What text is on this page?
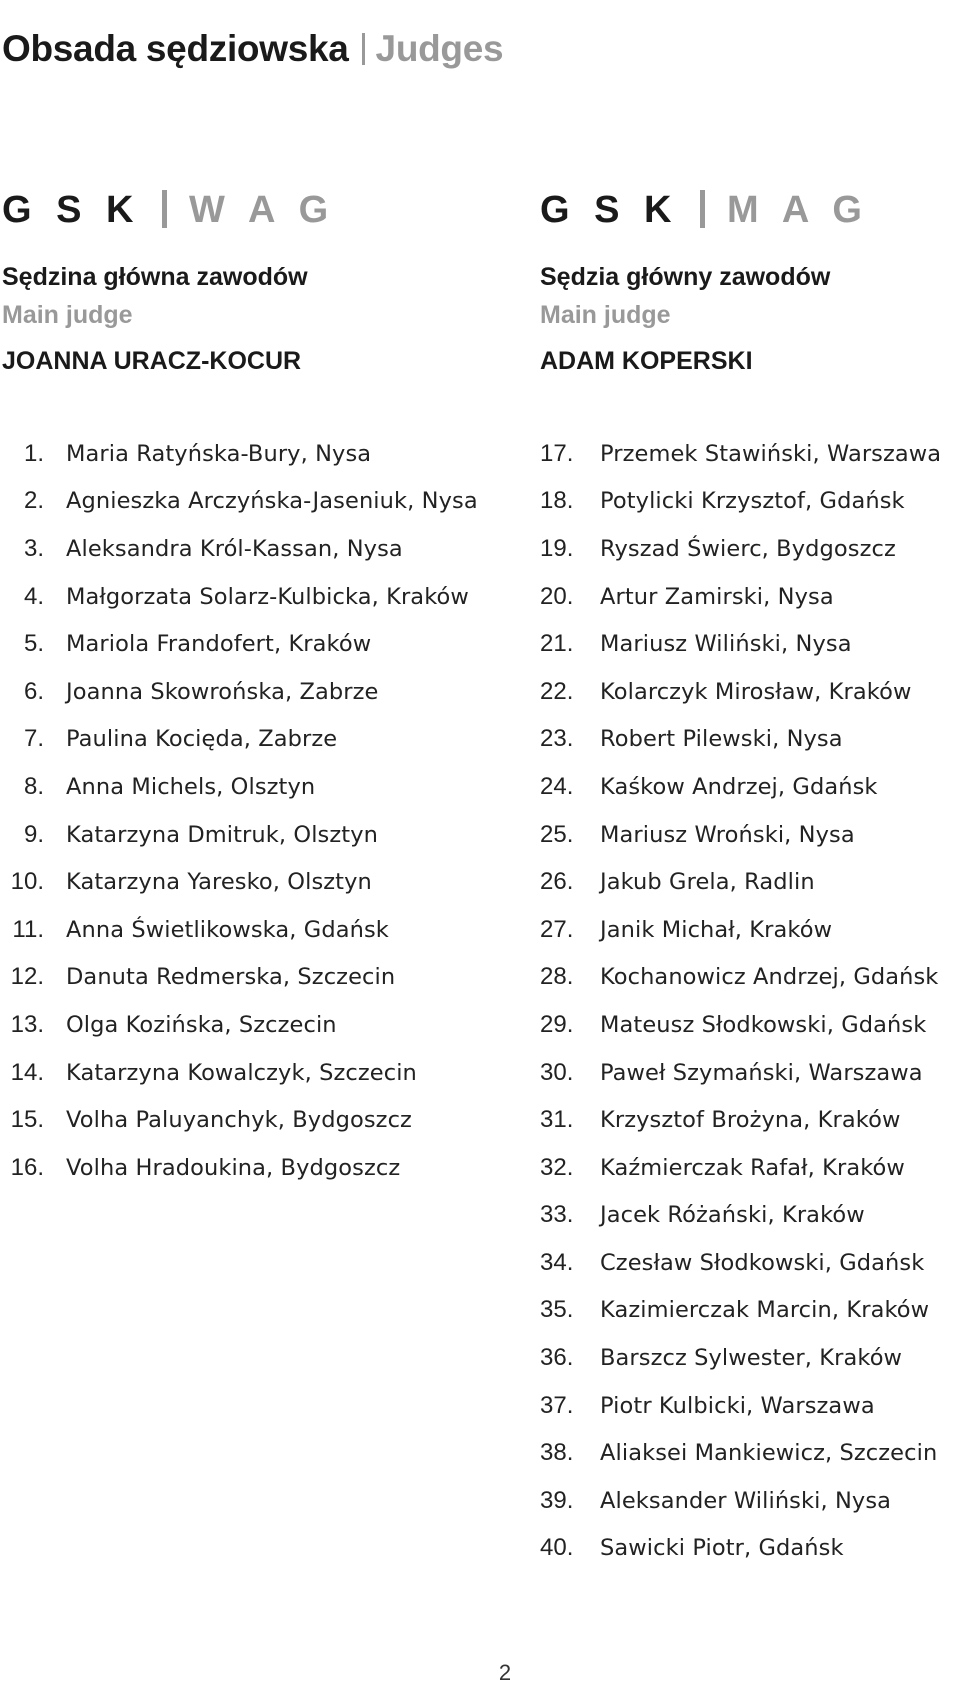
Obsada sędziowska Judges
G S K W A G
Sędzina główna zawodów
Main judge
JOANNA URACZ-KOCUR
1. Maria Ratyńska-Bury, Nysa
2. Agnieszka Arczyńska-Jaseniuk, Nysa
3. Aleksandra Król-Kassan, Nysa
4. Małgorzata Solarz-Kulbicka, Kraków
5. Mariola Frandofert, Kraków
6. Joanna Skowrońska, Zabrze
7. Paulina Kocięda, Zabrze
8. Anna Michels, Olsztyn
9. Katarzyna Dmitruk, Olsztyn
10. Katarzyna Yaresko, Olsztyn
11. Anna Świetlikowska, Gdańsk
12. Danuta Redmerska, Szczecin
13. Olga Kozińska, Szczecin
14. Katarzyna Kowalczyk, Szczecin
15. Volha Paluyanchyk, Bydgoszcz
16. Volha Hradoukina, Bydgoszcz
G S K M A G
Sędzia główny zawodów
Main judge
ADAM KOPERSKI
17. Przemek Stawiński, Warszawa
18. Potylicki Krzysztof, Gdańsk
19. Ryszad Świerc, Bydgoszcz
20. Artur Zamirski, Nysa
21. Mariusz Wiliński, Nysa
22. Kolarczyk Mirosław, Kraków
23. Robert Pilewski, Nysa
24. Kaśkow Andrzej, Gdańsk
25. Mariusz Wroński, Nysa
26. Jakub Grela, Radlin
27. Janik Michał, Kraków
28. Kochanowicz Andrzej, Gdańsk
29. Mateusz Słodkowski, Gdańsk
30. Paweł Szymański, Warszawa
31. Krzysztof Brożyna, Kraków
32. Kaźmierczak Rafał, Kraków
33. Jacek Różański, Kraków
34. Czesław Słodkowski, Gdańsk
35. Kazimierczak Marcin, Kraków
36. Barszcz Sylwester, Kraków
37. Piotr Kulbicki, Warszawa
38. Aliaksei Mankiewicz, Szczecin
39. Aleksander Wiliński, Nysa
40. Sawicki Piotr, Gdańsk
2
